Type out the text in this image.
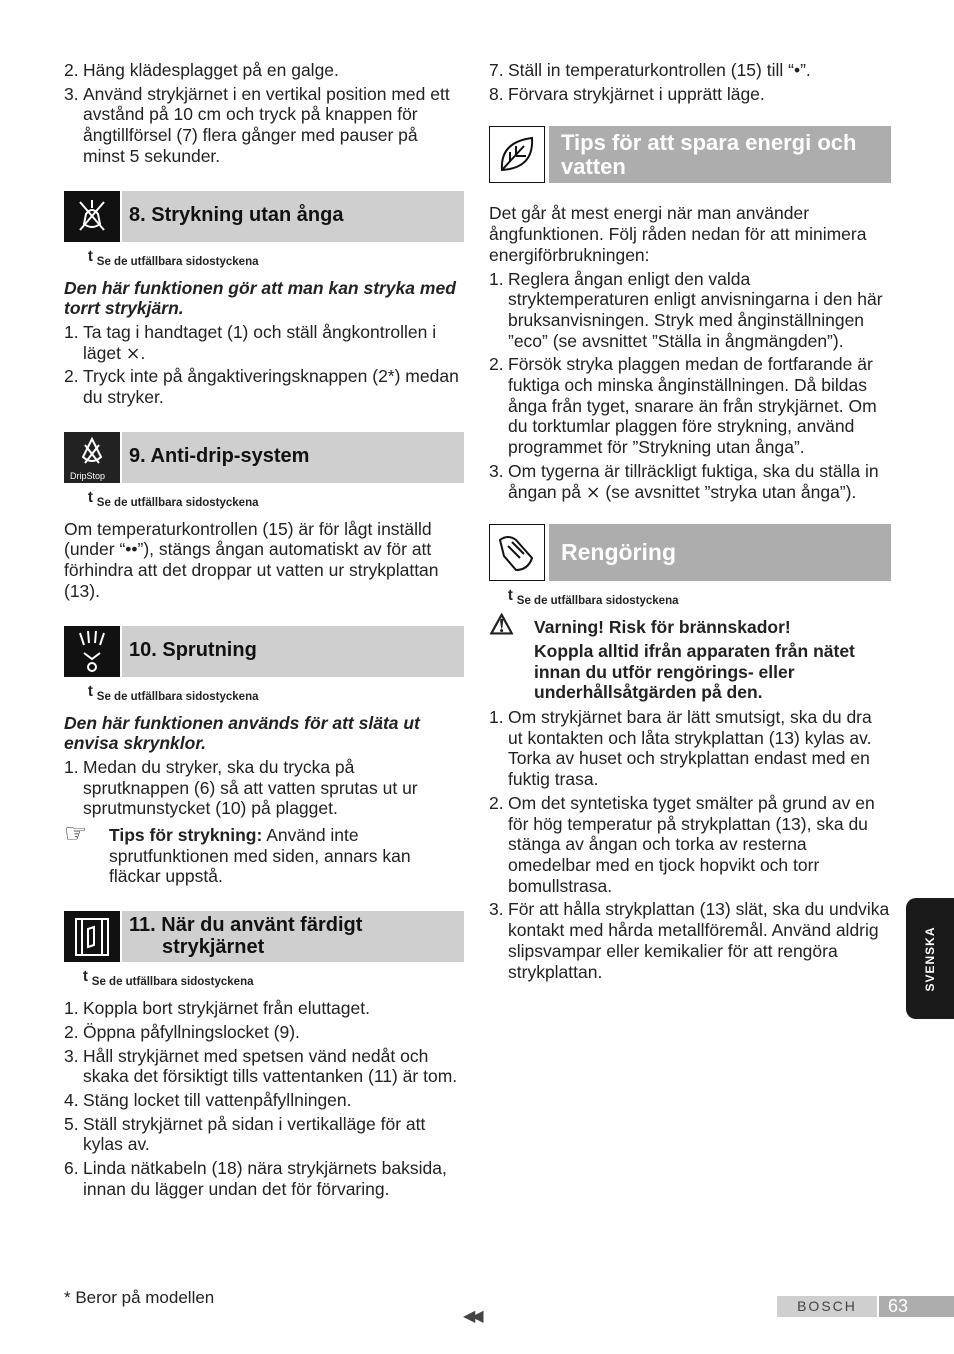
2. Häng klädesplagget på en galge.
3. Använd strykjärnet i en vertikal position med ett avstånd på 10 cm och tryck på knappen för ångtillförsel (7) flera gånger med pauser på minst 5 sekunder.
8. Strykning utan ånga
ᵗ Se de utfällbara sidostyckena

Den här funktionen gör att man kan stryka med torrt strykjärn.

1. Ta tag i handtaget (1) och ställ ångkontrollen i läget ⨯.
2. Tryck inte på ångaktiveringsknappen (2*) medan du stryker.
DripStop
9. Anti-drip-system
ᵗ Se de utfällbara sidostyckena

Om temperaturkontrollen (15) är för lågt inställd (under “••”), stängs ångan automatiskt av för att förhindra att det droppar ut vatten ur strykplattan (13).

10. Sprutning
ᵗ Se de utfällbara sidostyckena

Den här funktionen används för att släta ut envisa skrynklor.

1. Medan du stryker, ska du trycka på sprutknappen (6) så att vatten sprutas ut ur sprutmunstycket (10) på plagget.
☞ Tips för strykning: Använd inte sprutfunktionen med siden, annars kan fläckar uppstå.
11. När du använt färdigt
strykjärnet
ᵗ Se de utfällbara sidostyckena
1. Koppla bort strykjärnet från eluttaget.
2. Öppna påfyllningslocket (9).
3. Håll strykjärnet med spetsen vänd nedåt och skaka det försiktigt tills vattentanken (11) är tom.
4. Stäng locket till vattenpåfyllningen.
5. Ställ strykjärnet på sidan i vertikalläge för att kylas av.
6. Linda nätkabeln (18) nära strykjärnets baksida, innan du lägger undan det för förvaring.
7. Ställ in temperaturkontrollen (15) till “•”.
8. Förvara strykjärnet i upprätt läge.
Tips för att spara energi och
vatten

Det går åt mest energi när man använder ångfunktionen. Följ råden nedan för att minimera energiförbrukningen:

1. Reglera ångan enligt den valda stryktemperaturen enligt anvisningarna i den här bruksanvisningen. Stryk med ånginställningen ”eco” (se avsnittet ”Ställa in ångmängden”).
2. Försök stryka plaggen medan de fortfarande är fuktiga och minska ånginställningen. Då bildas ånga från tyget, snarare än från strykjärnet. Om du torktumlar plaggen före strykning, använd programmet för ”Strykning utan ånga”.
3. Om tygerna är tillräckligt fuktiga, ska du ställa in ångan på ⨯ (se avsnittet ”stryka utan ånga”).
Rengöring
ᵗ Se de utfällbara sidostyckena
⚠ Varning! Risk för brännskador!

Koppla alltid ifrån apparaten från nätet innan du utför rengörings- eller underhållsåtgärden på den.

1. Om strykjärnet bara är lätt smutsigt, ska du dra ut kontakten och låta strykplattan (13) kylas av. Torka av huset och strykplattan endast med en fuktig trasa.
2. Om det syntetiska tyget smälter på grund av en för hög temperatur på strykplattan (13), ska du stänga av ångan och torka av resterna omedelbar med en tjock hopvikt och torr bomullstrasa.
3. För att hålla strykplattan (13) slät, ska du undvika kontakt med hårda metallföremål. Använd aldrig slipsvampar eller kemikalier för att rengöra strykplattan.	SVENSKA
* Beror på modellen
◀◀
BOSCH	63
